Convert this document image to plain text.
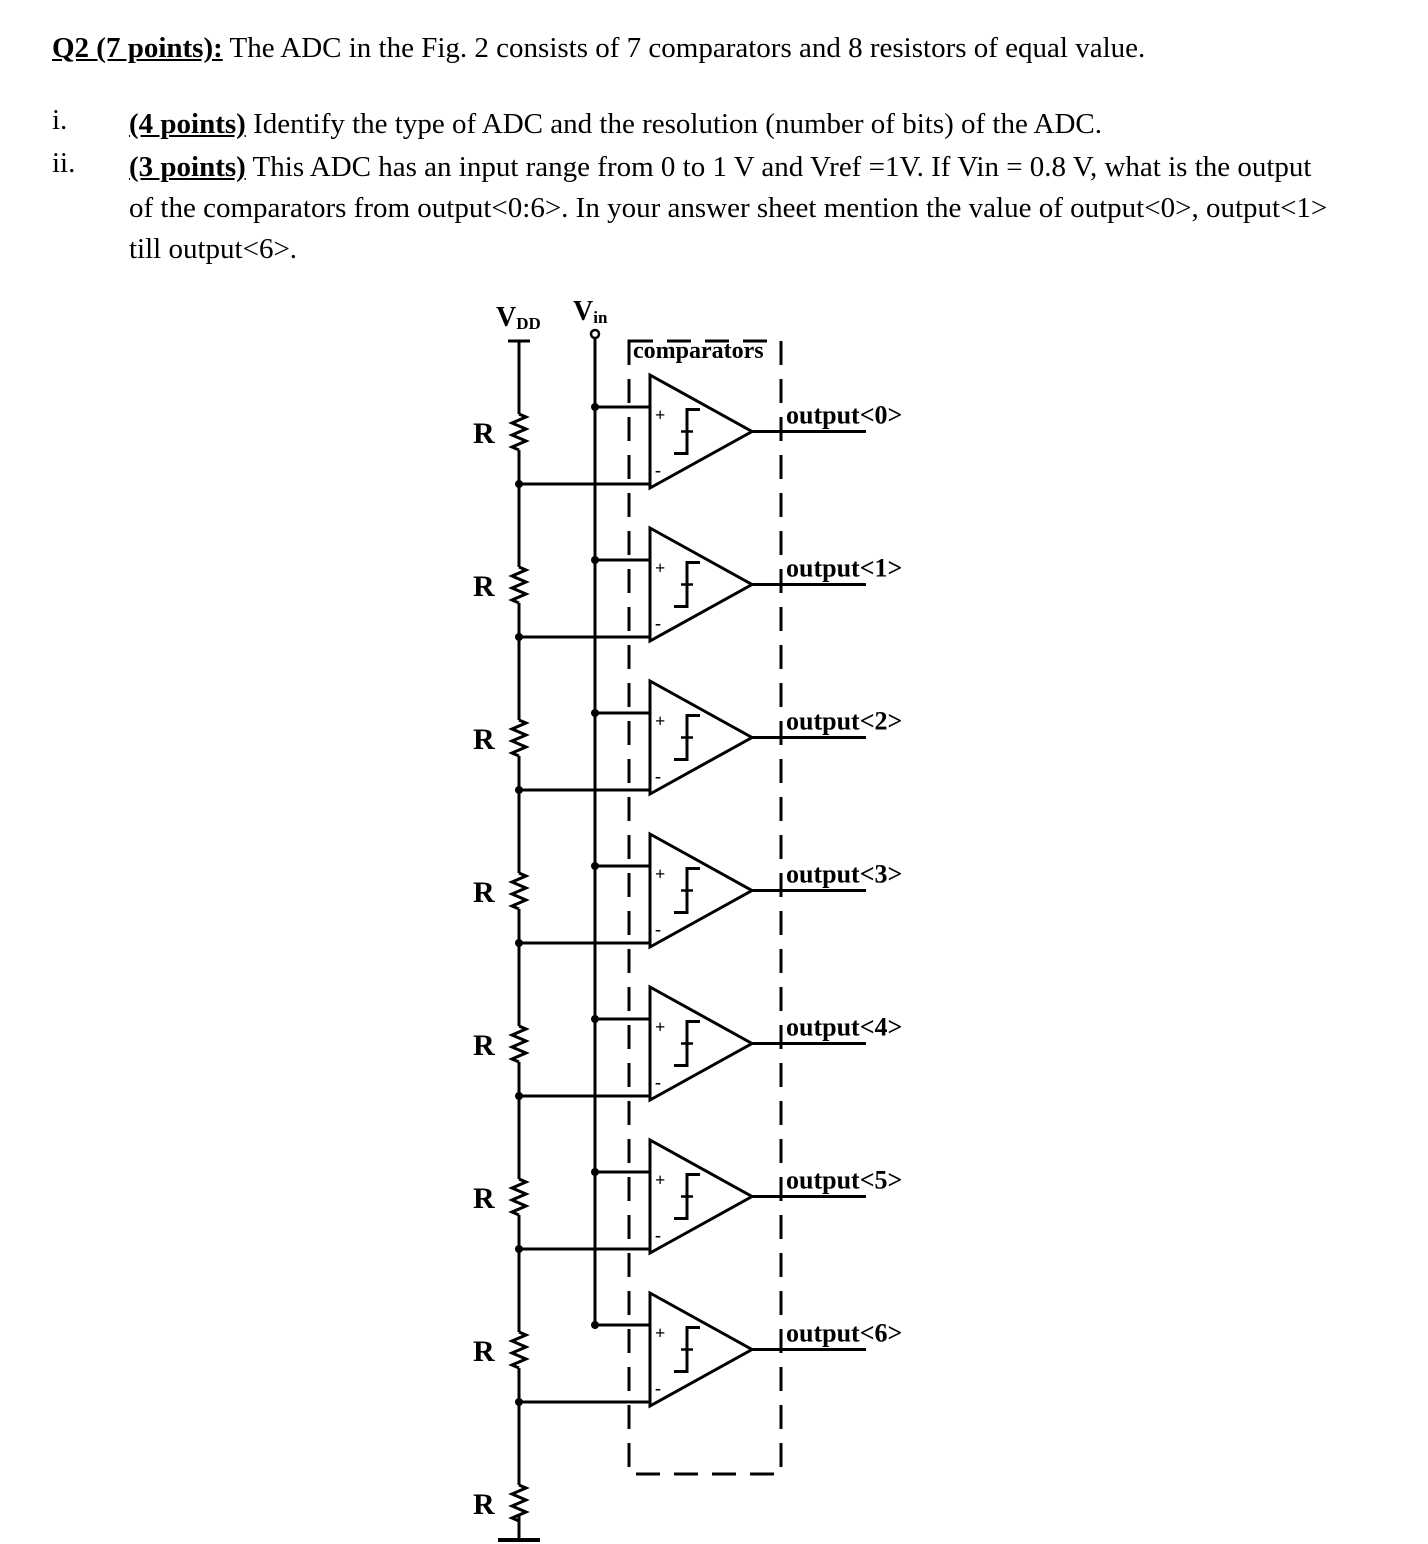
Q2 (7 points): The ADC in the Fig. 2 consists of 7 comparators and 8 resistors of equal value.
i. (4 points) Identify the type of ADC and the resolution (number of bits) of the ADC.
ii. (3 points) This ADC has an input range from 0 to 1 V and Vref =1V. If Vin = 0.8 V, what is the output of the comparators from output<0:6>. In your answer sheet mention the value of output<0>, output<1> till output<6>.
VDD Vin
comparators
R
R
R
R
R
R
R
R
+
-
output<0>
+
-
output<1>
+
-
output<2>
+
-
output<3>
+
-
output<4>
+
-
output<5>
+
-
output<6>
